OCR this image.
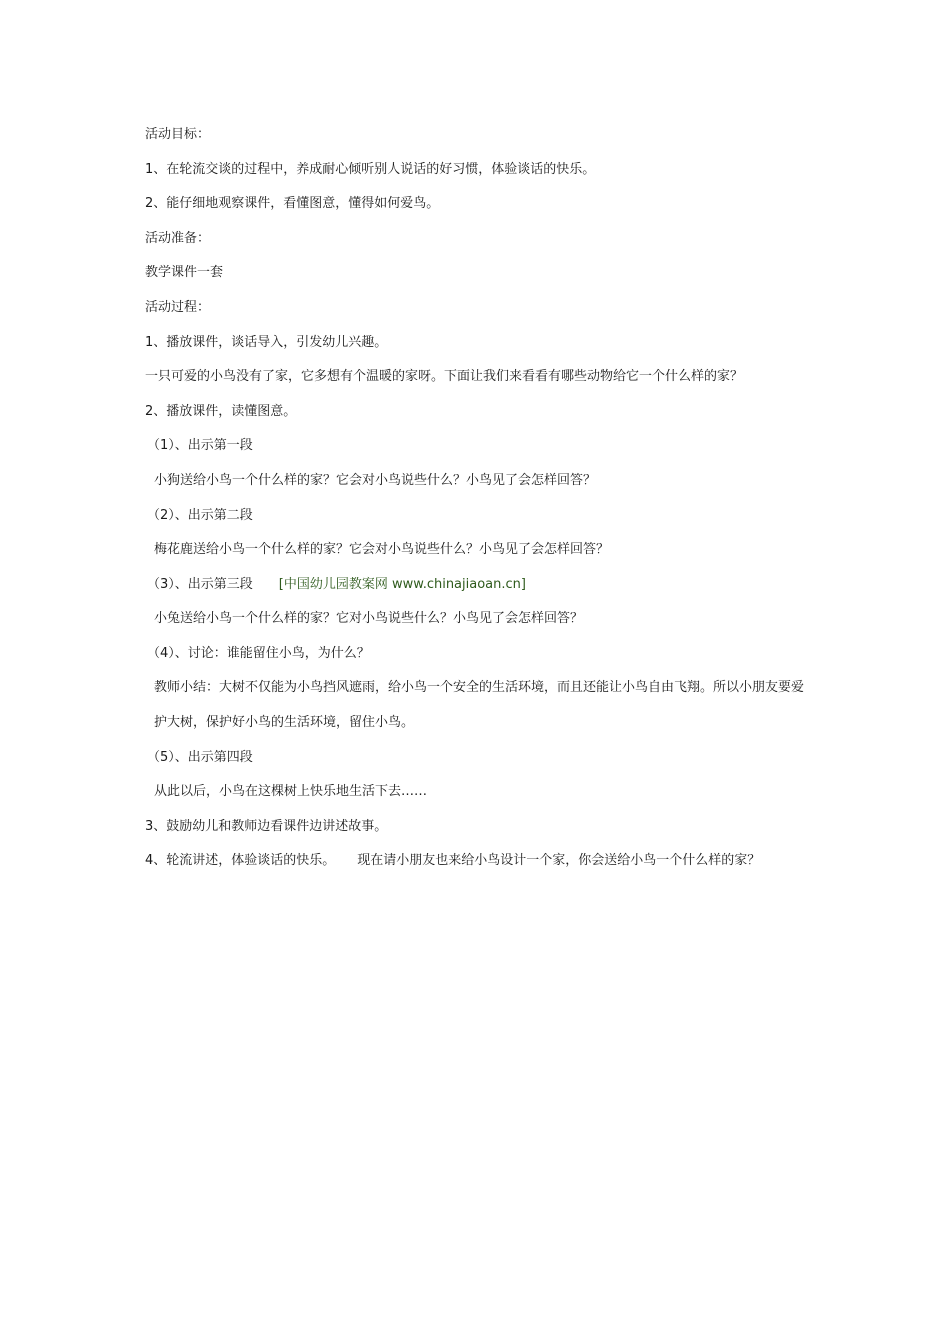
活动目标：
1、在轮流交谈的过程中，养成耐心倾听别人说话的好习惯，体验谈话的快乐。
2、能仔细地观察课件，看懂图意，懂得如何爱鸟。
活动准备：
教学课件一套
活动过程：
1、播放课件，谈话导入，引发幼儿兴趣。
一只可爱的小鸟没有了家，它多想有个温暖的家呀。下面让我们来看看有哪些动物给它一个什么样的家？
2、播放课件，读懂图意。
（1）、出示第一段
小狗送给小鸟一个什么样的家？它会对小鸟说些什么？小鸟见了会怎样回答？
（2）、出示第二段
梅花鹿送给小鸟一个什么样的家？它会对小鸟说些什么？小鸟见了会怎样回答？
（3）、出示第三段 [中国幼儿园教案网 www.chinajiaoan.cn]
小兔送给小鸟一个什么样的家？它对小鸟说些什么？小鸟见了会怎样回答？
（4）、讨论：谁能留住小鸟，为什么？
教师小结：大树不仅能为小鸟挡风遮雨，给小鸟一个安全的生活环境，而且还能让小鸟自由飞翔。所以小朋友要爱护大树，保护好小鸟的生活环境，留住小鸟。
（5）、出示第四段
从此以后，小鸟在这棵树上快乐地生活下去……
3、鼓励幼儿和教师边看课件边讲述故事。
4、轮流讲述，体验谈话的快乐。 现在请小朋友也来给小鸟设计一个家，你会送给小鸟一个什么样的家？
